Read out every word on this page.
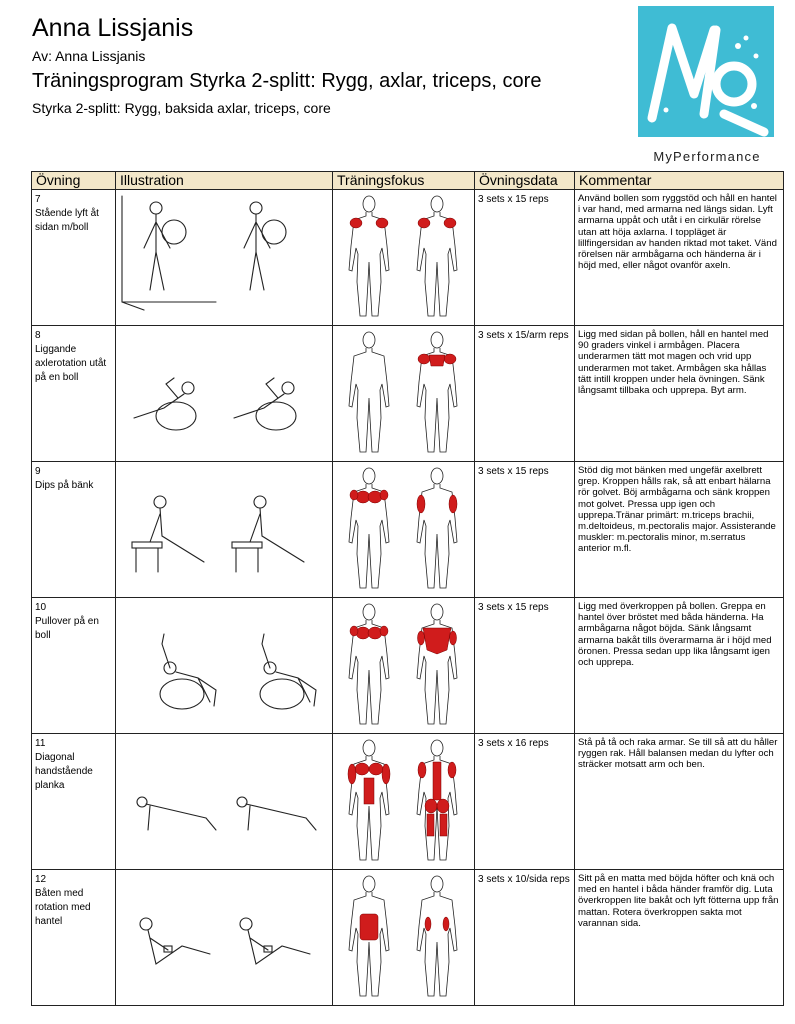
Anna Lissjanis
Av: Anna Lissjanis
Träningsprogram Styrka 2-splitt: Rygg, axlar, triceps, core
Styrka 2-splitt: Rygg, baksida axlar, triceps, core
MyPerformance
Övning	Illustration	Träningsfokus	Övningsdata	Kommentar

7
Stående lyft åt sidan m/boll			3 sets x 15 reps	Använd bollen som ryggstöd och håll en hantel i var hand, med armarna ned längs sidan. Lyft armarna uppåt och utåt i en cirkulär rörelse utan att höja axlarna. I toppläget är lillfingersidan av handen riktad mot taket. Vänd rörelsen när armbågarna och händerna är i höjd med, eller något ovanför axeln.

8
Liggande axlerotation utåt på en boll			3 sets x 15/arm reps	Ligg med sidan på bollen, håll en hantel med 90 graders vinkel i armbågen. Placera underarmen tätt mot magen och vrid upp underarmen mot taket. Armbågen ska hållas tätt intill kroppen under hela övningen. Sänk långsamt tillbaka och upprepa. Byt arm.

9
Dips på bänk			3 sets x 15 reps	Stöd dig mot bänken med ungefär axelbrett grep. Kroppen hålls rak, så att enbart hälarna rör golvet. Böj armbågarna och sänk kroppen mot golvet. Pressa upp igen och upprepa.Tränar primärt: m.triceps brachii, m.deltoideus, m.pectoralis major. Assisterande muskler: m.pectoralis minor, m.serratus anterior m.fl.

10
Pullover på en boll			3 sets x 15 reps	Ligg med överkroppen på bollen. Greppa en hantel över bröstet med båda händerna. Ha armbågarna något böjda. Sänk långsamt armarna bakåt tills överarmarna är i höjd med öronen. Pressa sedan upp lika långsamt igen och upprepa.

11
Diagonal handstående planka			3 sets x 16 reps	Stå på tå och raka armar. Se till så att du håller ryggen rak. Håll balansen medan du lyfter och sträcker motsatt arm och ben.

12
Båten med rotation med hantel			3 sets x 10/sida reps	Sitt på en matta med böjda höfter och knä och med en hantel i båda händer framför dig. Luta överkroppen lite bakåt och lyft fötterna upp från mattan. Rotera överkroppen sakta mot varannan sida.
